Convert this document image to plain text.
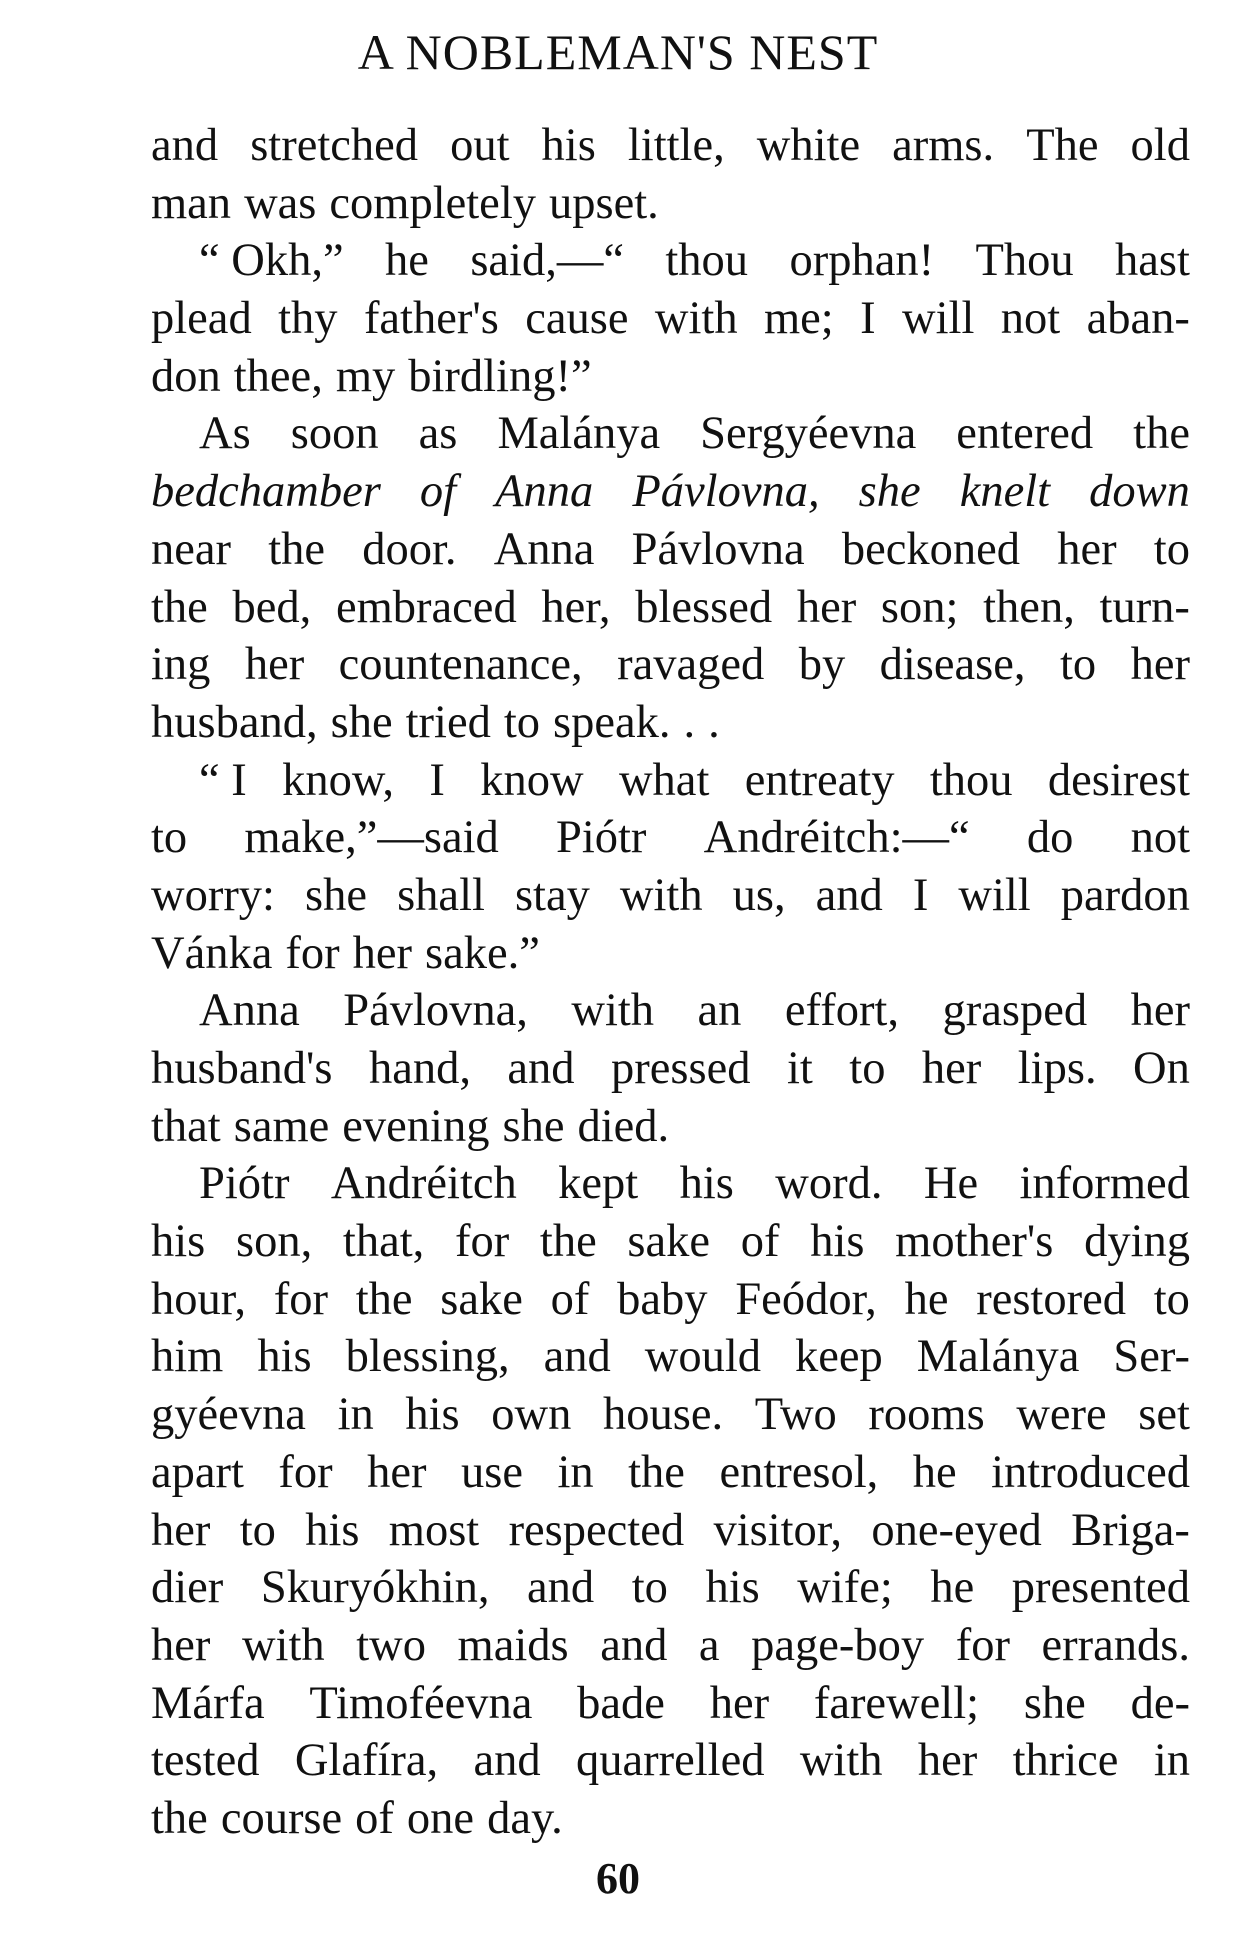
A NOBLEMAN'S NEST
and stretched out his little, white arms. The old
man was completely upset.
“ Okh,” he said,—“ thou orphan! Thou hast
plead thy father's cause with me; I will not aban-
don thee, my birdling!”
As soon as Malánya Sergyéevna entered the
bedchamber of Anna Pávlovna, she knelt down
near the door. Anna Pávlovna beckoned her to
the bed, embraced her, blessed her son; then, turn-
ing her countenance, ravaged by disease, to her
husband, she tried to speak. . .
“ I know, I know what entreaty thou desirest
to make,”—said Piótr Andréitch:—“ do not
worry: she shall stay with us, and I will pardon
Vánka for her sake.”
Anna Pávlovna, with an effort, grasped her
husband's hand, and pressed it to her lips. On
that same evening she died.
Piótr Andréitch kept his word. He informed
his son, that, for the sake of his mother's dying
hour, for the sake of baby Feódor, he restored to
him his blessing, and would keep Malánya Ser-
gyéevna in his own house. Two rooms were set
apart for her use in the entresol, he introduced
her to his most respected visitor, one-eyed Briga-
dier Skuryókhin, and to his wife; he presented
her with two maids and a page-boy for errands.
Márfa Timoféevna bade her farewell; she de-
tested Glafíra, and quarrelled with her thrice in
the course of one day.
60
